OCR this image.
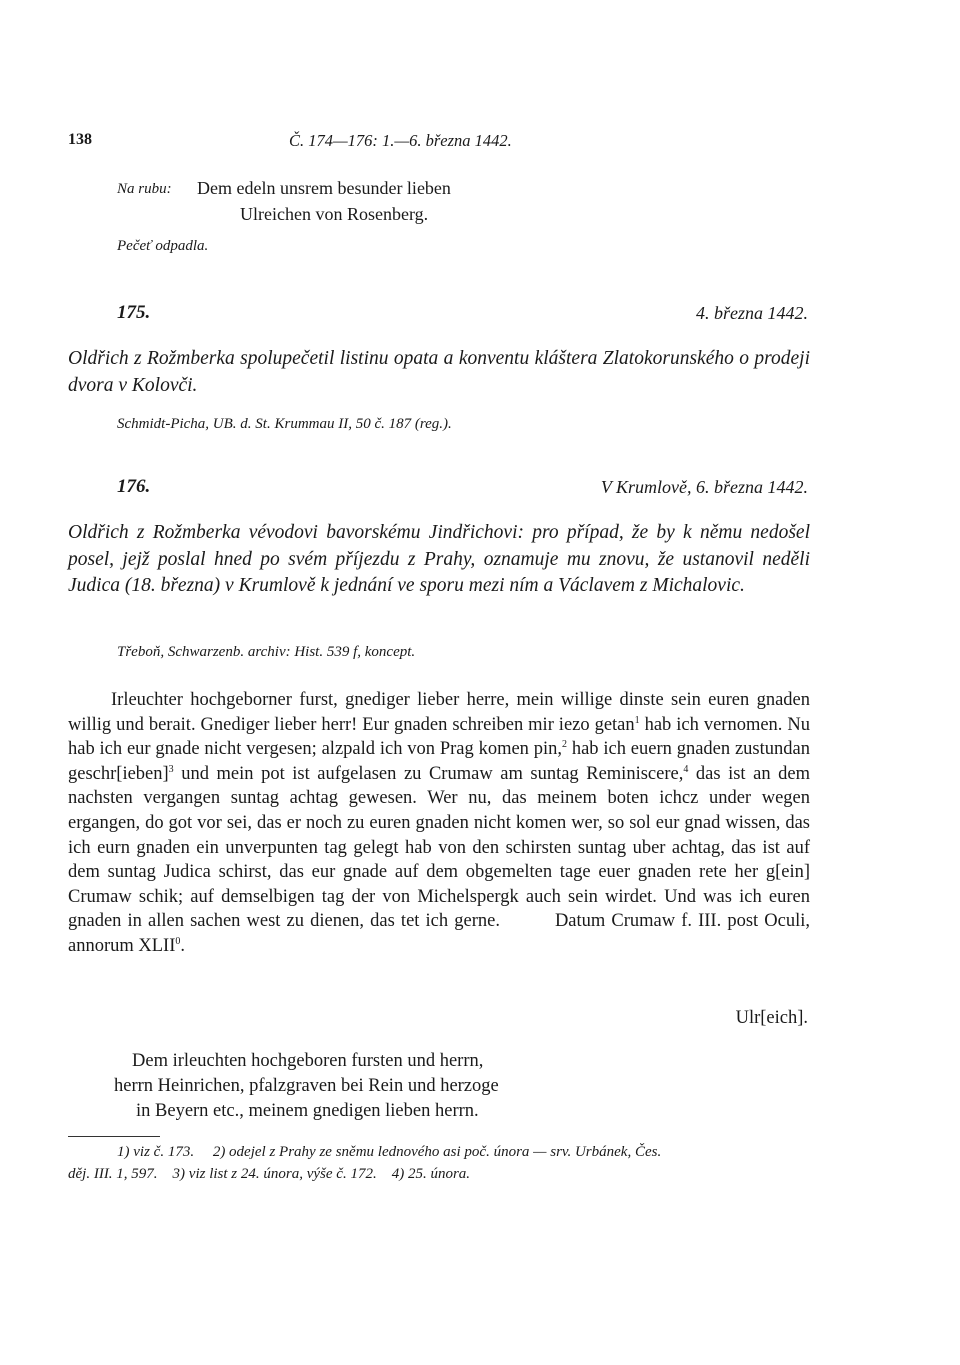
138	Č. 174—176: 1.—6. března 1442.
Na rubu: Dem edeln unsrem besunder lieben
Ulreichen von Rosenberg.
Pečeť odpadla.
175.	4. března 1442.
Oldřich z Rožmberka spolupečetil listinu opata a konventu kláštera Zlatokorunského o prodeji dvora v Kolovči.
Schmidt-Picha, UB. d. St. Krummau II, 50 č. 187 (reg.).
176.	V Krumlově, 6. března 1442.
Oldřich z Rožmberka vévodovi bavorskému Jindřichovi: pro případ, že by k němu nedošel posel, jejž poslal hned po svém příjezdu z Prahy, oznamuje mu znovu, že ustanovil neděli Judica (18. března) v Krumlově k jednání ve sporu mezi ním a Václavem z Michalovic.
Třeboň, Schwarzenb. archiv: Hist. 539 f, koncept.

Irleuchter hochgeborner furst, gnediger lieber herre, mein willige dinste sein euren gnaden willig und berait. Gnediger lieber herr! Eur gnaden schreiben mir iezo getan$^1$ hab ich vernomen. Nu hab ich eur gnade nicht vergesen; alzpald ich von Prag komen pin,$^2$ hab ich euern gnaden zustundan geschr[ieben]$^3$ und mein pot ist aufgelasen zu Crumaw am suntag Reminiscere,$^4$ das ist an dem nachsten vergangen suntag achtag gewesen. Wer nu, das meinem boten ichcz under wegen ergangen, do got vor sei, das er noch zu euren gnaden nicht komen wer, so sol eur gnad wissen, das ich eurn gnaden ein unverpunten tag gelegt hab von den schirsten suntag uber achtag, das ist auf dem suntag Judica schirst, das eur gnade auf dem obgemelten tage euer gnaden rete her g[ein] Crumaw schik; auf demselbigen tag der von Michelspergk auch sein wirdet. Und was ich euren gnaden in allen sachen west zu dienen, das tet ich gerne.	Datum Crumaw f. III. post Oculi, annorum XLII$^0$.

Ulr[eich].
Dem irleuchten hochgeboren fursten und herrn,
herrn Heinrichen, pfalzgraven bei Rein und herzoge
in Beyern etc., meinem gnedigen lieben herrn.
1) viz č. 173.     2) odejel z Prahy ze sněmu lednového asi poč. února — srv. Urbánek, Čes.
děj. III. 1, 597.    3) viz list z 24. února, výše č. 172.    4) 25. února.
